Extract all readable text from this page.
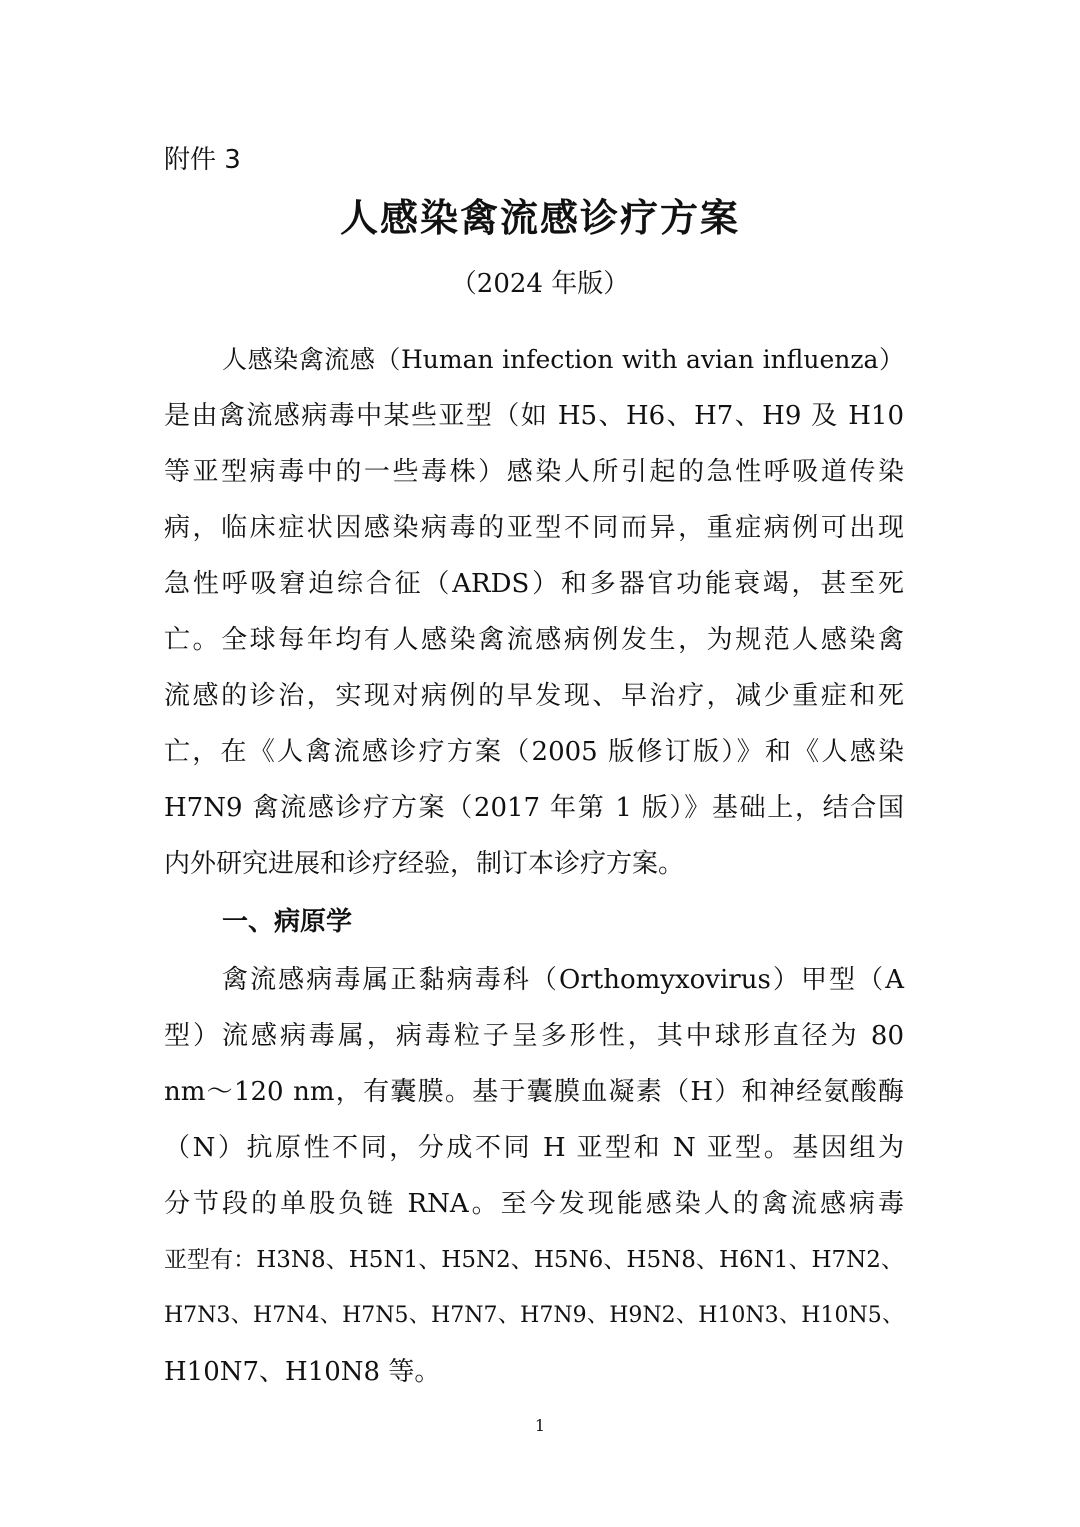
附件 3
人感染禽流感诊疗方案
（2024 年版）
人感染禽流感（Human infection with avian influenza）
是由禽流感病毒中某些亚型（如 H5、H6、H7、H9 及 H10
等亚型病毒中的一些毒株）感染人所引起的急性呼吸道传染
病，临床症状因感染病毒的亚型不同而异，重症病例可出现
急性呼吸窘迫综合征（ARDS）和多器官功能衰竭，甚至死
亡。全球每年均有人感染禽流感病例发生，为规范人感染禽
流感的诊治，实现对病例的早发现、早治疗，减少重症和死
亡，在《人禽流感诊疗方案（2005 版修订版）》和《人感染
H7N9 禽流感诊疗方案（2017 年第 1 版）》基础上，结合国
内外研究进展和诊疗经验，制订本诊疗方案。
一、病原学
禽流感病毒属正黏病毒科（Orthomyxovirus）甲型（A
型）流感病毒属，病毒粒子呈多形性，其中球形直径为 80
nm～120 nm，有囊膜。基于囊膜血凝素（H）和神经氨酸酶
（N）抗原性不同，分成不同 H 亚型和 N 亚型。基因组为
分节段的单股负链 RNA。至今发现能感染人的禽流感病毒
亚型有：H3N8、H5N1、H5N2、H5N6、H5N8、H6N1、H7N2、
H7N3、H7N4、H7N5、H7N7、H7N9、H9N2、H10N3、H10N5、
H10N7、H10N8 等。
1
